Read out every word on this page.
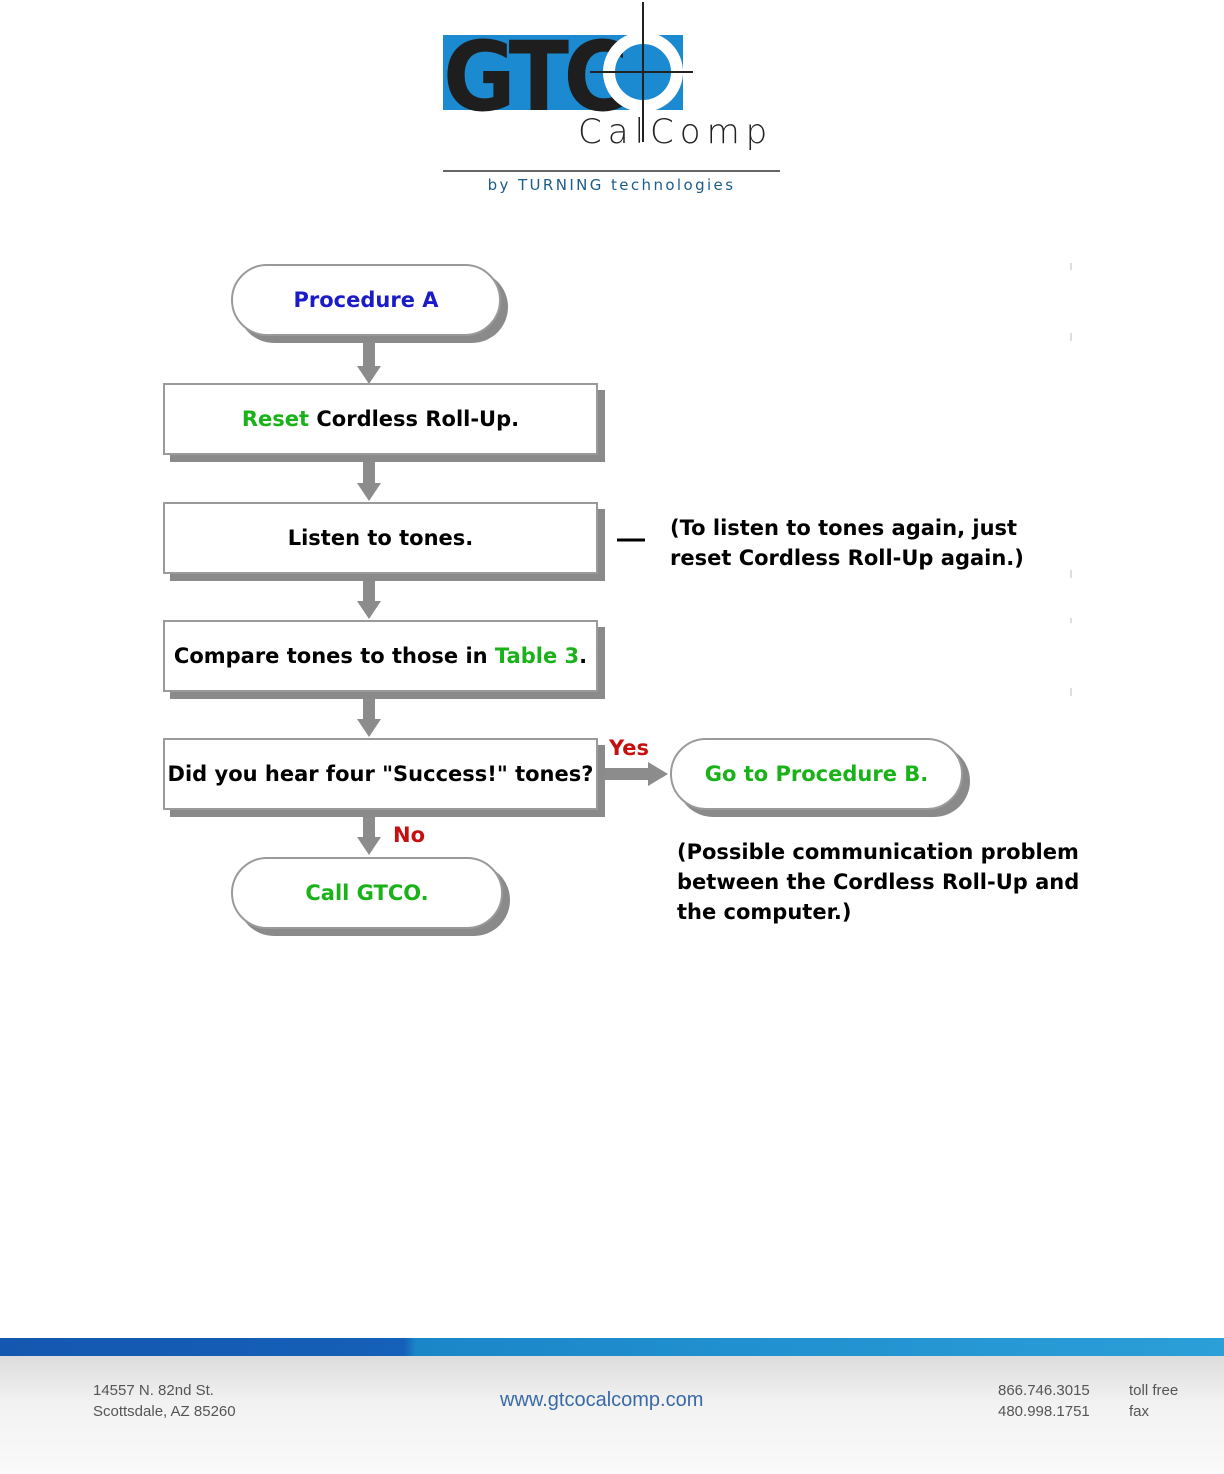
GTC
CalComp
by TURNING technologies
Procedure A
Reset Cordless Roll-Up.
Listen to tones.
Compare tones to those in Table 3.
Did you hear four "Success!" tones?
Yes
No
Go to Procedure B.
Call GTCO.
(To listen to tones again, just
reset Cordless Roll-Up again.)
(Possible communication problem
between the Cordless Roll-Up and
the computer.)
14557 N. 82nd St.
Scottsdale, AZ 85260
www.gtcocalcomp.com	866.746.3015
480.998.1751
toll free
fax
